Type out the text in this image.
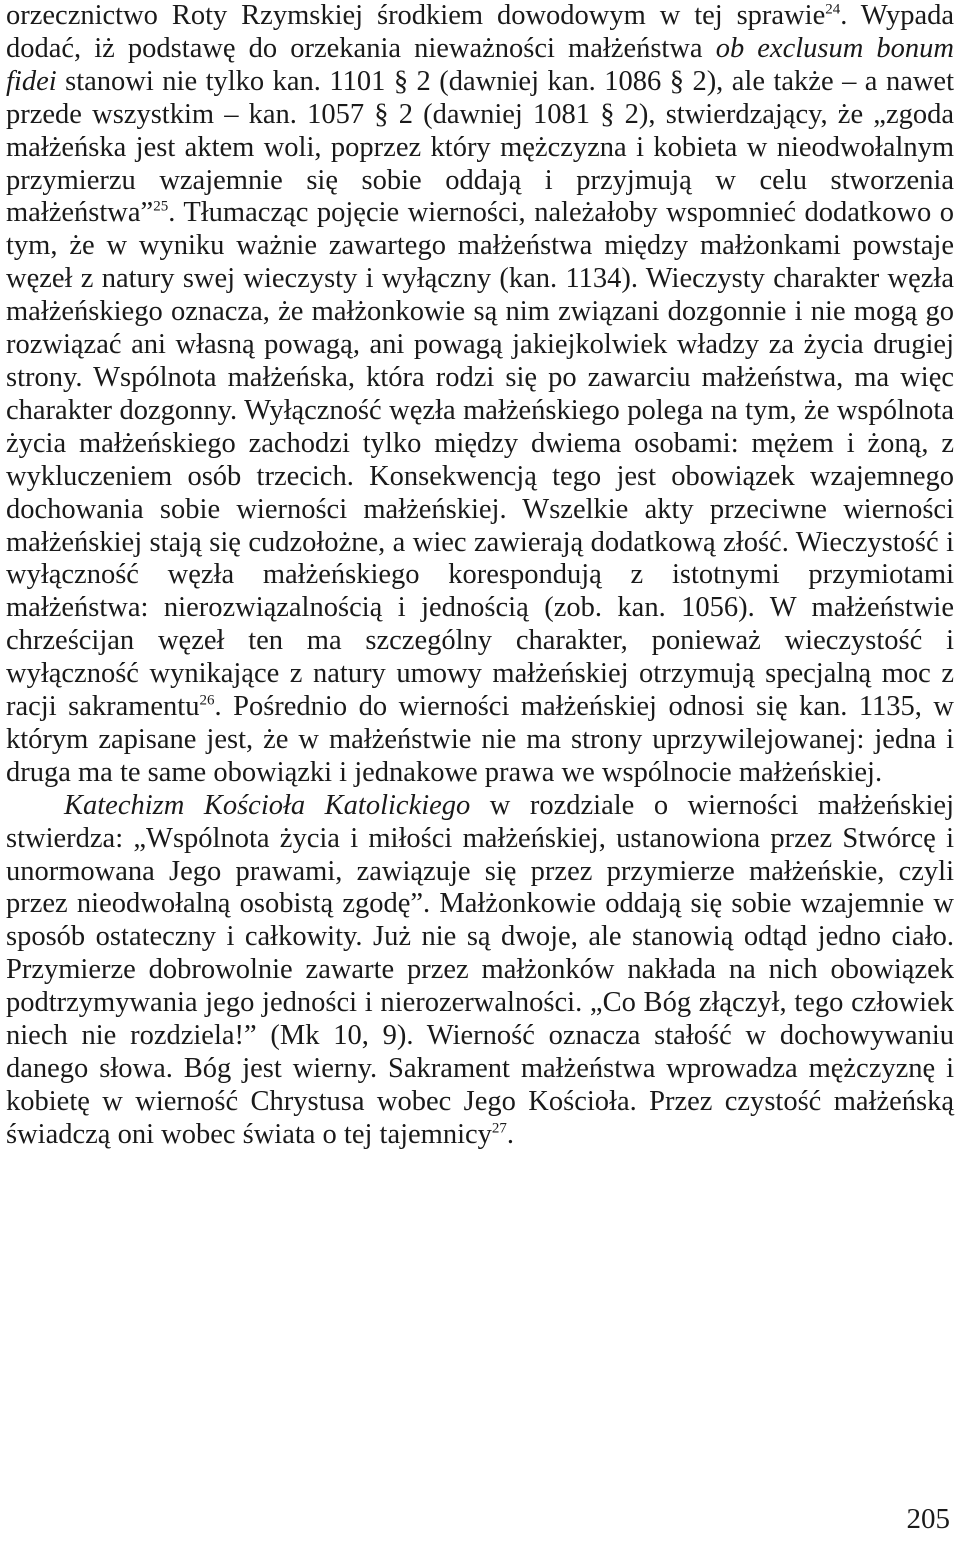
orzecznictwo Roty Rzymskiej środkiem dowodowym w tej sprawie$^{24}$. Wypada dodać, iż podstawę do orzekania nieważności małżeństwa ob exclusum bonum fidei stanowi nie tylko kan. 1101 § 2 (dawniej kan. 1086 § 2), ale także – a nawet przede wszystkim – kan. 1057 § 2 (dawniej 1081 § 2), stwierdzający, że „zgoda małżeńska jest aktem woli, poprzez który mężczyzna i kobieta w nieodwołalnym przymierzu wzajemnie się sobie oddają i przyjmują w celu stworzenia małżeństwa”$^{25}$. Tłumacząc pojęcie wierności, należałoby wspomnieć dodatkowo o tym, że w wyniku ważnie zawartego małżeństwa między małżonkami powstaje węzeł z natury swej wieczysty i wyłączny (kan. 1134). Wieczysty charakter węzła małżeńskiego oznacza, że małżonkowie są nim związani dozgonnie i nie mogą go rozwiązać ani własną powagą, ani powagą jakiejkolwiek władzy za życia drugiej strony. Wspólnota małżeńska, która rodzi się po zawarciu małżeństwa, ma więc charakter dozgonny. Wyłączność węzła małżeńskiego polega na tym, że wspólnota życia małżeńskiego zachodzi tylko między dwiema osobami: mężem i żoną, z wykluczeniem osób trzecich. Konsekwencją tego jest obowiązek wzajemnego dochowania sobie wierności małżeńskiej. Wszelkie akty przeciwne wierności małżeńskiej stają się cudzołożne, a wiec zawierają dodatkową złość. Wieczystość i wyłączność węzła małżeńskiego korespondują z istotnymi przymiotami małżeństwa: nierozwiązalnością i jednością (zob. kan. 1056). W małżeństwie chrześcijan węzeł ten ma szczególny charakter, ponieważ wieczystość i wyłączność wynikające z natury umowy małżeńskiej otrzymują specjalną moc z racji sakramentu$^{26}$. Pośrednio do wierności małżeńskiej odnosi się kan. 1135, w którym zapisane jest, że w małżeństwie nie ma strony uprzywilejowanej: jedna i druga ma te same obowiązki i jednakowe prawa we wspólnocie małżeńskiej.

Katechizm Kościoła Katolickiego w rozdziale o wierności małżeńskiej stwierdza: „Wspólnota życia i miłości małżeńskiej, ustanowiona przez Stwórcę i unormowana Jego prawami, zawiązuje się przez przymierze małżeńskie, czyli przez nieodwołalną osobistą zgodę”. Małżonkowie oddają się sobie wzajemnie w sposób ostateczny i całkowity. Już nie są dwoje, ale stanowią odtąd jedno ciało. Przymierze dobrowolnie zawarte przez małżonków nakłada na nich obowiązek podtrzymywania jego jedności i nierozerwalności. „Co Bóg złączył, tego człowiek niech nie rozdziela!” (Mk 10, 9). Wierność oznacza stałość w dochowywaniu danego słowa. Bóg jest wierny. Sakrament małżeństwa wprowadza mężczyznę i kobietę w wierność Chrystusa wobec Jego Kościoła. Przez czystość małżeńską świadczą oni wobec świata o tej tajemnicy$^{27}$.

205
